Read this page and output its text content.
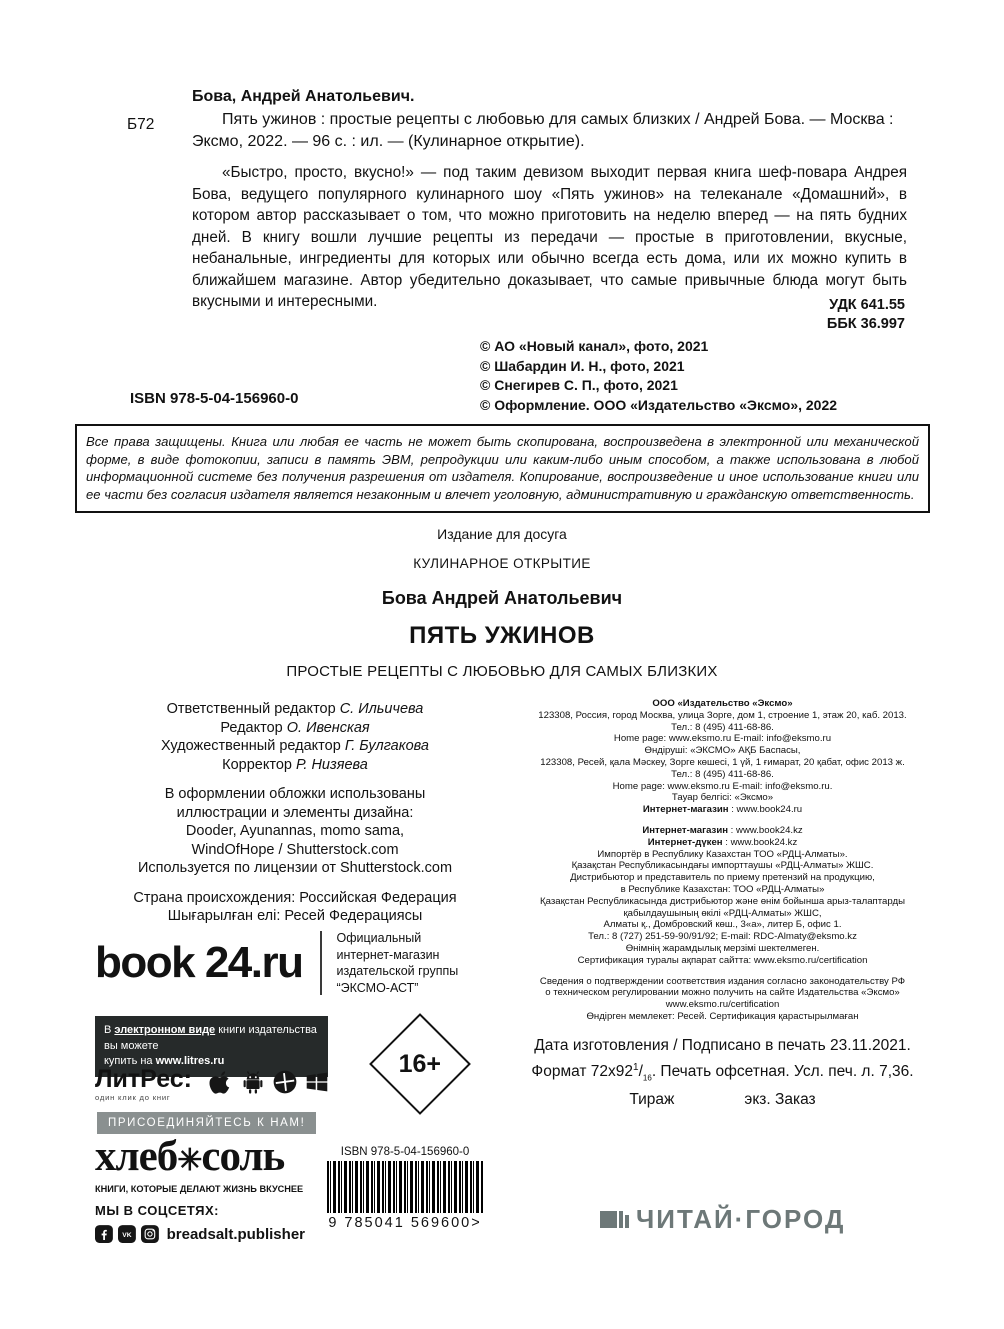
Б72

Бова, Андрей Анатольевич.

Пять ужинов : простые рецепты с любовью для самых близких / Андрей Бова. — Москва : Эксмо, 2022. — 96 с. : ил. — (Кулинарное открытие).

«Быстро, просто, вкусно!» — под таким девизом выходит первая книга шеф-повара Андрея Бова, ведущего популярного кулинарного шоу «Пять ужинов» на телеканале «Домашний», в котором автор рассказывает о том, что можно приготовить на неделю вперед — на пять будних дней. В книгу вошли лучшие рецепты из передачи — простые в приготовлении, вкусные, небанальные, ингредиенты для которых или обычно всегда есть дома, или их можно купить в ближайшем магазине. Автор убедительно доказывает, что самые привычные блюда могут быть вкусными и интересными.	УДК 641.55
ББК 36.997
© АО «Новый канал», фото, 2021
© Шабардин И. Н., фото, 2021
© Снегирев С. П., фото, 2021
© Оформление. ООО «Издательство «Эксмо», 2022
ISBN 978-5-04-156960-0
Все права защищены. Книга или любая ее часть не может быть скопирована, воспроизведена в электронной или механической форме, в виде фотокопии, записи в память ЭВМ, репродукции или каким-либо иным способом, а также использована в любой информационной системе без получения разрешения от издателя. Копирование, воспроизведение и иное использование книги или ее части без согласия издателя является незаконным и влечет уголовную, административную и гражданскую ответственность.
Издание для досуга
КУЛИНАРНОЕ ОТКРЫТИЕ
Бова Андрей Анатольевич
ПЯТЬ УЖИНОВ
ПРОСТЫЕ РЕЦЕПТЫ С ЛЮБОВЬЮ ДЛЯ САМЫХ БЛИЗКИХ
Ответственный редактор С. Ильичева
Редактор О. Ивенская
Художественный редактор Г. Булгакова
Корректор Р. Низяева
В оформлении обложки использованы
иллюстрации и элементы дизайна:
Dooder, Ayunannas, momo sama,
WindOfHope / Shutterstock.com
Используется по лицензии от Shutterstock.com
Страна происхождения: Российская Федерация
Шығарылған елі: Ресей Федерациясы
ООО «Издательство «Эксмо»
123308, Россия, город Москва, улица Зорге, дом 1, строение 1, этаж 20, каб. 2013.
Тел.: 8 (495) 411-68-86.
Home page: www.eksmo.ru E-mail: info@eksmo.ru
Өндіруші: «ЭКСМО» АҚБ Баспасы,
123308, Ресей, қала Мәскеу, Зорге көшесі, 1 үй, 1 ғимарат, 20 қабат, офис 2013 ж.
Тел.: 8 (495) 411-68-86.
Home page: www.eksmo.ru E-mail: info@eksmo.ru.
Тауар белгісі: «Эксмо»
Интернет-магазин : www.book24.ru
Интернет-магазин : www.book24.kz
Интернет-дүкен : www.book24.kz
Импортёр в Республику Казахстан ТОО «РДЦ-Алматы».
Қазақстан Республикасындағы импорттаушы «РДЦ-Алматы» ЖШС.
Дистрибьютор и представитель по приему претензий на продукцию,
в Республике Казахстан: ТОО «РДЦ-Алматы»
Қазақстан Республикасында дистрибьютор және өнім бойынша арыз-талаптарды
қабылдаушының өкілі «РДЦ-Алматы» ЖШС,
Алматы қ., Домбровский көш., 3«а», литер Б, офис 1.
Тел.: 8 (727) 251-59-90/91/92; E-mail: RDC-Almaty@eksmo.kz
Өнімнің жарамдылық мерзімі шектелмеген.
Сертификация туралы ақпарат сайтта: www.eksmo.ru/certification
Сведения о подтверждении соответствия издания согласно законодательству РФ
о техническом регулировании можно получить на сайте Издательства «Эксмо»
www.eksmo.ru/certification
Өндірген мемлекет: Ресей. Сертификация қарастырылмаған
Дата изготовления / Подписано в печать 23.11.2021.
Формат $72x92^1/_{16}$. Печать офсетная. Усл. печ. л. 7,36.
Тираж	экз. Заказ
book 24.ru	Официальный
интернет-магазин
издательской группы
“ЭКСМО-АСТ”
В электронном виде книги издательства вы можете
купить на www.litres.ru
ЛитРес:
один клик до книг
16+
ПРИСОЕДИНЯЙТЕСЬ К НАМ!
хлеб✳соль
КНИГИ, КОТОРЫЕ ДЕЛАЮТ ЖИЗНЬ ВКУСНЕЕ
МЫ В СОЦСЕТЯХ:
VK breadsalt.publisher
ISBN 978-5-04-156960-0
9 785041 569600>	ЧИТАЙ·ГОРОД
